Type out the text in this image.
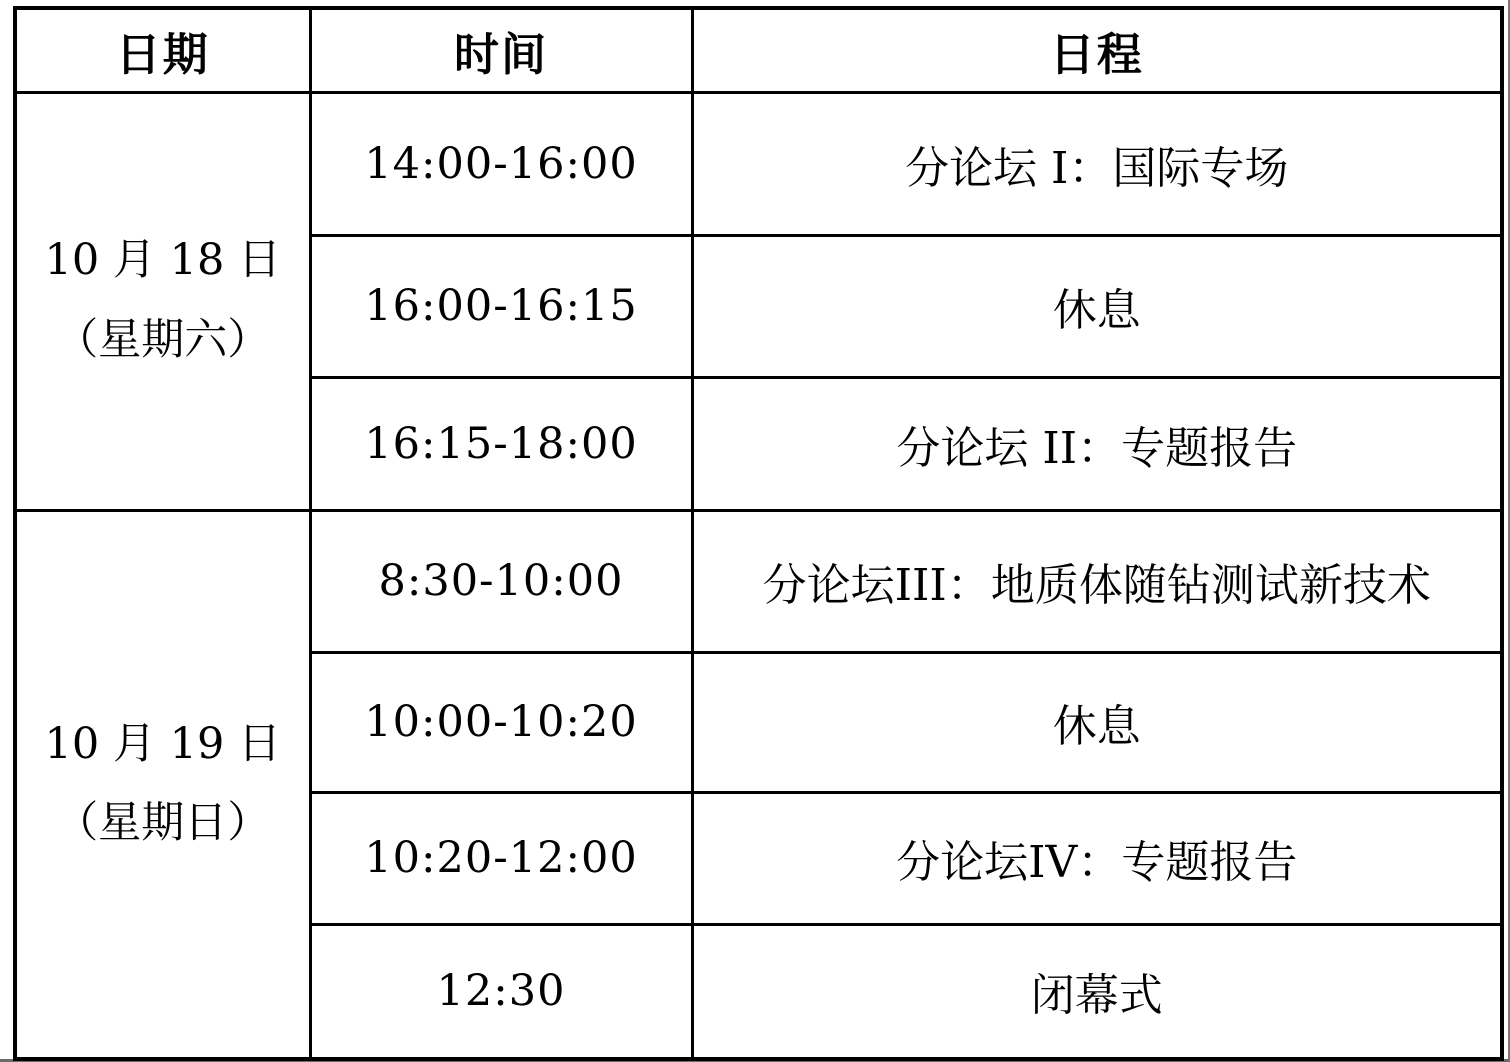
日期	时间	日程

10 月 18 日
（星期六）	14:00-16:00	分论坛 I：国际专场
	16:00-16:15	休息
	16:15-18:00	分论坛 II：专题报告

10 月 19 日
（星期日）	8:30-10:00	分论坛III：地质体随钻测试新技术
	10:00-10:20	休息
	10:20-12:00	分论坛IV：专题报告
	12:30	闭幕式
